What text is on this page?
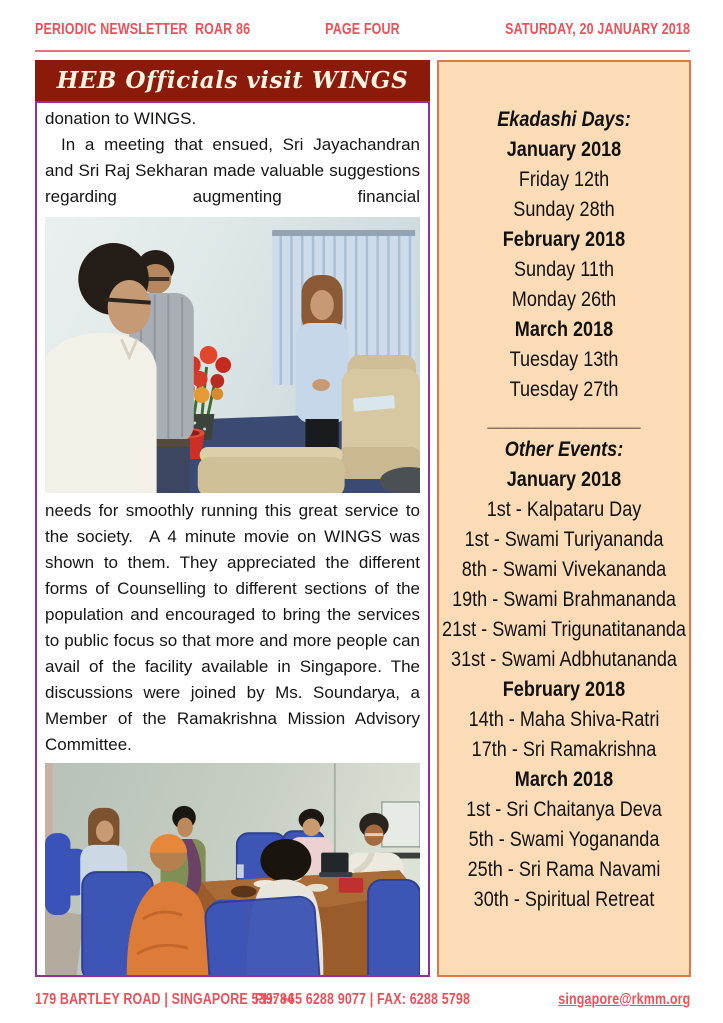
PERIODIC NEWSLETTER  ROAR 86	PAGE FOUR	SATURDAY, 20 JANUARY 2018
HEB Officials visit WINGS

donation to WINGS.

In a meeting that ensued, Sri Jayachandran and Sri Raj Sekharan made valuable suggestions regarding augmenting financial

needs for smoothly running this great service to the society.  A 4 minute movie on WINGS was shown to them. They appreciated the different forms of Counselling to different sections of the population and encouraged to bring the services to public focus so that more and more people can avail of the facility available in Singapore. The discussions were joined by Ms. Soundarya, a Member of the Ramakrishna Mission Advisory Committee.

Ekadashi Days:
January 2018
Friday 12th
Sunday 28th
February 2018
Sunday 11th
Monday 26th
March 2018
Tuesday 13th
Tuesday 27th
________________
Other Events:
January 2018
1st - Kalpataru Day
1st - Swami Turiyananda
8th - Swami Vivekananda
19th - Swami Brahmananda
21st - Swami Trigunatitananda
31st - Swami Adbhutananda
February 2018
14th - Maha Shiva-Ratri
17th - Sri Ramakrishna
March 2018
1st - Sri Chaitanya Deva
5th - Swami Yogananda
25th - Sri Rama Navami
30th - Spiritual Retreat
179 BARTLEY ROAD | SINGAPORE 539784
PH: +65 6288 9077 | FAX: 6288 5798	singapore@rkmm.org
